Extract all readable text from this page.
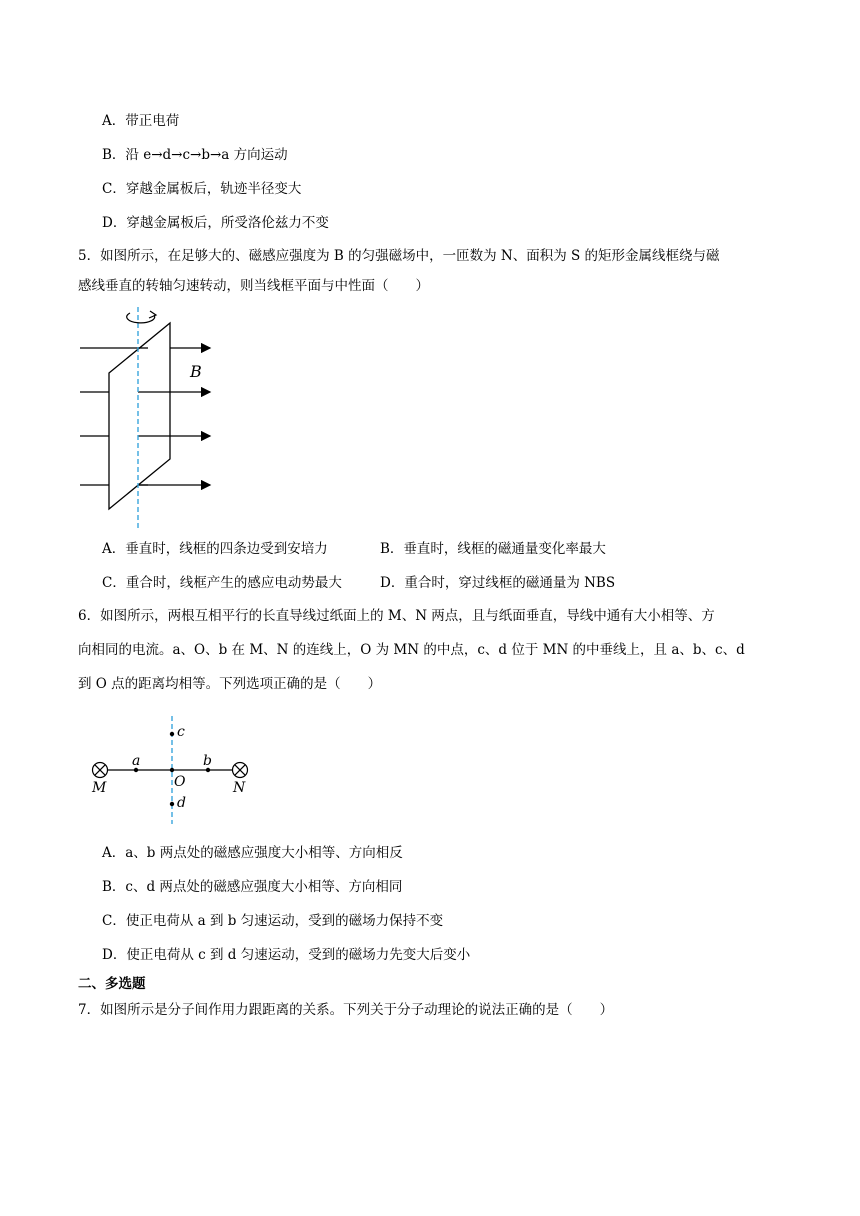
A．带正电荷
B．沿 e→d→c→b→a 方向运动
C．穿越金属板后，轨迹半径变大
D．穿越金属板后，所受洛伦兹力不变
5．如图所示，在足够大的、磁感应强度为 B 的匀强磁场中，一匝数为 N、面积为 S 的矩形金属线框绕与磁
感线垂直的转轴匀速转动，则当线框平面与中性面（　　）
B
A．垂直时，线框的四条边受到安培力	B．垂直时，线框的磁通量变化率最大
C．重合时，线框产生的感应电动势最大	D．重合时，穿过线框的磁通量为 NBS
6．如图所示，两根互相平行的长直导线过纸面上的 M、N 两点，且与纸面垂直，导线中通有大小相等、方
向相同的电流。a、O、b 在 M、N 的连线上，O 为 MN 的中点，c、d 位于 MN 的中垂线上，且 a、b、c、d
到 O 点的距离均相等。下列选项正确的是（　　）
c
a	b
O
M	N
d
A．a、b 两点处的磁感应强度大小相等、方向相反
B．c、d 两点处的磁感应强度大小相等、方向相同
C．使正电荷从 a 到 b 匀速运动，受到的磁场力保持不变
D．使正电荷从 c 到 d 匀速运动，受到的磁场力先变大后变小
二、多选题
7．如图所示是分子间作用力跟距离的关系。下列关于分子动理论的说法正确的是（　　）
